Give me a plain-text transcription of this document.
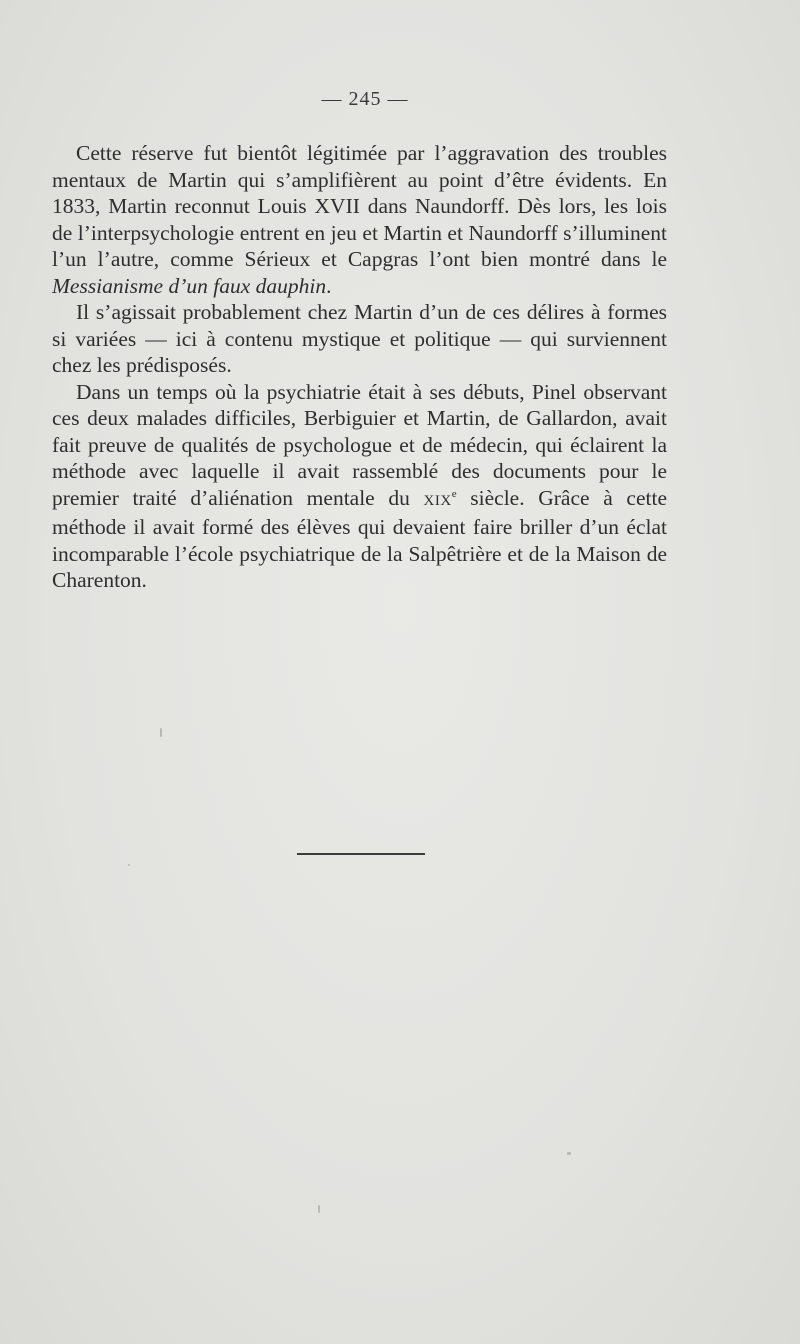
— 245 —

Cette réserve fut bientôt légitimée par l’aggravation des troubles mentaux de Martin qui s’amplifièrent au point d’être évidents. En 1833, Martin reconnut Louis XVII dans Naundorff. Dès lors, les lois de l’interpsychologie entrent en jeu et Martin et Naundorff s’illuminent l’un l’autre, comme Sérieux et Capgras l’ont bien montré dans le Messianisme d’un faux dauphin.

Il s’agissait probablement chez Martin d’un de ces délires à formes si variées — ici à contenu mystique et politique — qui surviennent chez les prédisposés.

Dans un temps où la psychiatrie était à ses débuts, Pinel observant ces deux malades difficiles, Berbiguier et Martin, de Gallardon, avait fait preuve de qualités de psychologue et de médecin, qui éclairent la méthode avec laquelle il avait rassemblé des documents pour le premier traité d’aliénation mentale du XIXe siècle. Grâce à cette méthode il avait formé des élèves qui devaient faire briller d’un éclat incomparable l’école psychiatrique de la Salpêtrière et de la Maison de Charenton.
